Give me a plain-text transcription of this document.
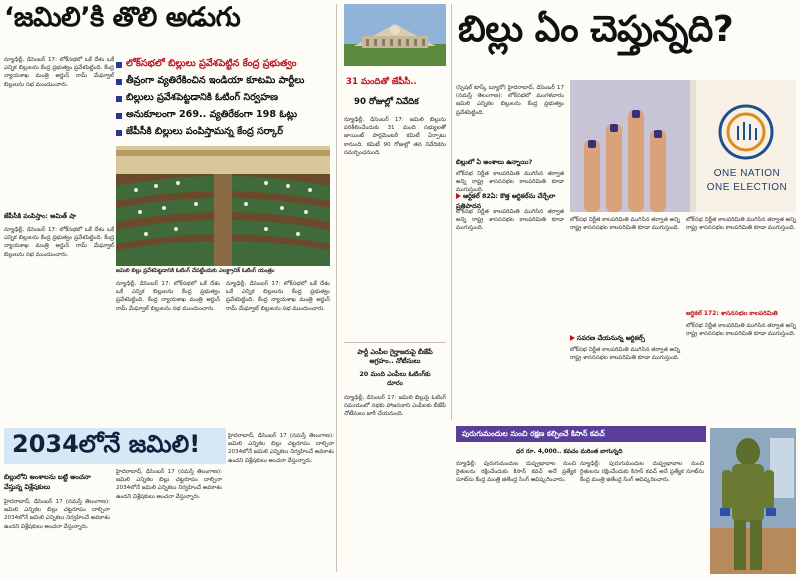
‘జమిలి’కి తొలి అడుగు
న్యూఢిల్లీ, డిసెంబర్ 17: లోక్‌సభలో ఒకే దేశం ఒకే ఎన్నిక బిల్లులను కేంద్ర ప్రభుత్వం ప్రవేశపెట్టింది. కేంద్ర న్యాయశాఖ మంత్రి అర్జున్ రామ్ మేఘ్వాల్ బిల్లులను సభ ముందుంచారు.
లోక్‌సభలో బిల్లులు ప్రవేశపెట్టిన కేంద్ర ప్రభుత్వం
తీవ్రంగా వ్యతిరేకించిన ఇండియా కూటమి పార్టీలు
బిల్లులు ప్రవేశపెట్టడానికి ఓటింగ్ నిర్వహణ
అనుకూలంగా 269.. వ్యతిరేకంగా 198 ఓట్లు
జేపీసీకి బిల్లులు పంపిస్తామన్న కేంద్ర సర్కార్
జమిలి బిల్లు ప్రవేశపెట్టడానికి ఓటింగ్ చేపట్టేందుకు ఎలక్ట్రానిక్ ఓటింగ్ యంత్రం
జేపీసీకి పంపిస్తాం: అమిత్ షా
న్యూఢిల్లీ, డిసెంబర్ 17: లోక్‌సభలో ఒకే దేశం ఒకే ఎన్నిక బిల్లులను కేంద్ర ప్రభుత్వం ప్రవేశపెట్టింది. కేంద్ర న్యాయశాఖ మంత్రి అర్జున్ రామ్ మేఘ్వాల్ బిల్లులను సభ ముందుంచారు.
న్యూఢిల్లీ, డిసెంబర్ 17: లోక్‌సభలో ఒకే దేశం ఒకే ఎన్నిక బిల్లులను కేంద్ర ప్రభుత్వం ప్రవేశపెట్టింది. కేంద్ర న్యాయశాఖ మంత్రి అర్జున్ రామ్ మేఘ్వాల్ బిల్లులను సభ ముందుంచారు.
న్యూఢిల్లీ, డిసెంబర్ 17: లోక్‌సభలో ఒకే దేశం ఒకే ఎన్నిక బిల్లులను కేంద్ర ప్రభుత్వం ప్రవేశపెట్టింది. కేంద్ర న్యాయశాఖ మంత్రి అర్జున్ రామ్ మేఘ్వాల్ బిల్లులను సభ ముందుంచారు.
31 మందితో జేపీసీ..
90 రోజుల్లో నివేదిక
న్యూఢిల్లీ, డిసెంబర్ 17: జమిలి బిల్లును పరిశీలించేందుకు 31 మంది సభ్యులతో జాయింట్ పార్లమెంటరీ కమిటీ ఏర్పాటు కానుంది. కమిటీ 90 రోజుల్లో తన నివేదికను సమర్పించనుంది.
పార్టీ ఎంపీల గైర్హాజరుపై బీజేపీ ఆగ్రహం.. నోటీసులు
20 మంది ఎంపీలు ఓటింగ్‌కు దూరం
న్యూఢిల్లీ, డిసెంబర్ 17: జమిలి బిల్లుపై ఓటింగ్ సమయంలో సభకు హాజరుకాని ఎంపీలకు బీజేపీ నోటీసులు జారీ చేయనుంది.
బిల్లు ఏం చెప్తున్నది?
(స్పెషల్ టాస్క్ బ్యూరో) హైదరాబాద్, డిసెంబర్ 17 (నమస్తే తెలంగాణ): లోక్‌సభలో మంగళవారం జమిలి ఎన్నికల బిల్లులను కేంద్ర ప్రభుత్వం ప్రవేశపెట్టింది.
బిల్లులో ఏ అంశాలు ఉన్నాయి?
లోక్‌సభ నిర్ణీత కాలపరిమితి ముగిసిన తర్వాత అన్ని రాష్ట్ర శాసనసభల కాలపరిమితి కూడా ముగుస్తుంది.
ఆర్టికల్ 82ఏ: కొత్త ఆర్టికల్‌ను చేర్చేలా ప్రతిపాదన
లోక్‌సభ నిర్ణీత కాలపరిమితి ముగిసిన తర్వాత అన్ని రాష్ట్ర శాసనసభల కాలపరిమితి కూడా ముగుస్తుంది.
ONE NATION
ONE ELECTION
లోక్‌సభ నిర్ణీత కాలపరిమితి ముగిసిన తర్వాత అన్ని రాష్ట్ర శాసనసభల కాలపరిమితి కూడా ముగుస్తుంది.
సవరణ చేయనున్న ఆర్టికల్స్
లోక్‌సభ నిర్ణీత కాలపరిమితి ముగిసిన తర్వాత అన్ని రాష్ట్ర శాసనసభల కాలపరిమితి కూడా ముగుస్తుంది.
లోక్‌సభ నిర్ణీత కాలపరిమితి ముగిసిన తర్వాత అన్ని రాష్ట్ర శాసనసభల కాలపరిమితి కూడా ముగుస్తుంది.
ఆర్టికల్ 172: శాసనసభల కాలపరిమితి
లోక్‌సభ నిర్ణీత కాలపరిమితి ముగిసిన తర్వాత అన్ని రాష్ట్ర శాసనసభల కాలపరిమితి కూడా ముగుస్తుంది.
2034లోనే జమిలి!
బిల్లులోని అంశాలను బట్టి అంచనా వేస్తున్న విశ్లేషకులు
హైదరాబాద్, డిసెంబర్ 17 (నమస్తే తెలంగాణ): జమిలి ఎన్నికల బిల్లు చట్టరూపం దాల్చినా 2034లోనే జమిలి ఎన్నికలు నిర్వహించే అవకాశం ఉందని విశ్లేషకులు అంచనా వేస్తున్నారు.
హైదరాబాద్, డిసెంబర్ 17 (నమస్తే తెలంగాణ): జమిలి ఎన్నికల బిల్లు చట్టరూపం దాల్చినా 2034లోనే జమిలి ఎన్నికలు నిర్వహించే అవకాశం ఉందని విశ్లేషకులు అంచనా వేస్తున్నారు.
హైదరాబాద్, డిసెంబర్ 17 (నమస్తే తెలంగాణ): జమిలి ఎన్నికల బిల్లు చట్టరూపం దాల్చినా 2034లోనే జమిలి ఎన్నికలు నిర్వహించే అవకాశం ఉందని విశ్లేషకులు అంచనా వేస్తున్నారు.
పురుగుమందుల నుంచి రక్షణ కల్పించే కిసాన్ కవచ్
ధర రూ. 4,000.. కవచం మరింత బాగున్నది
న్యూఢిల్లీ: పురుగుమందుల దుష్ప్రభావాల నుంచి రైతులను రక్షించేందుకు కిసాన్ కవచ్ అనే ప్రత్యేక సూట్‌ను కేంద్ర మంత్రి జితేంద్ర సింగ్ ఆవిష్కరించారు.
న్యూఢిల్లీ: పురుగుమందుల దుష్ప్రభావాల నుంచి రైతులను రక్షించేందుకు కిసాన్ కవచ్ అనే ప్రత్యేక సూట్‌ను కేంద్ర మంత్రి జితేంద్ర సింగ్ ఆవిష్కరించారు.
